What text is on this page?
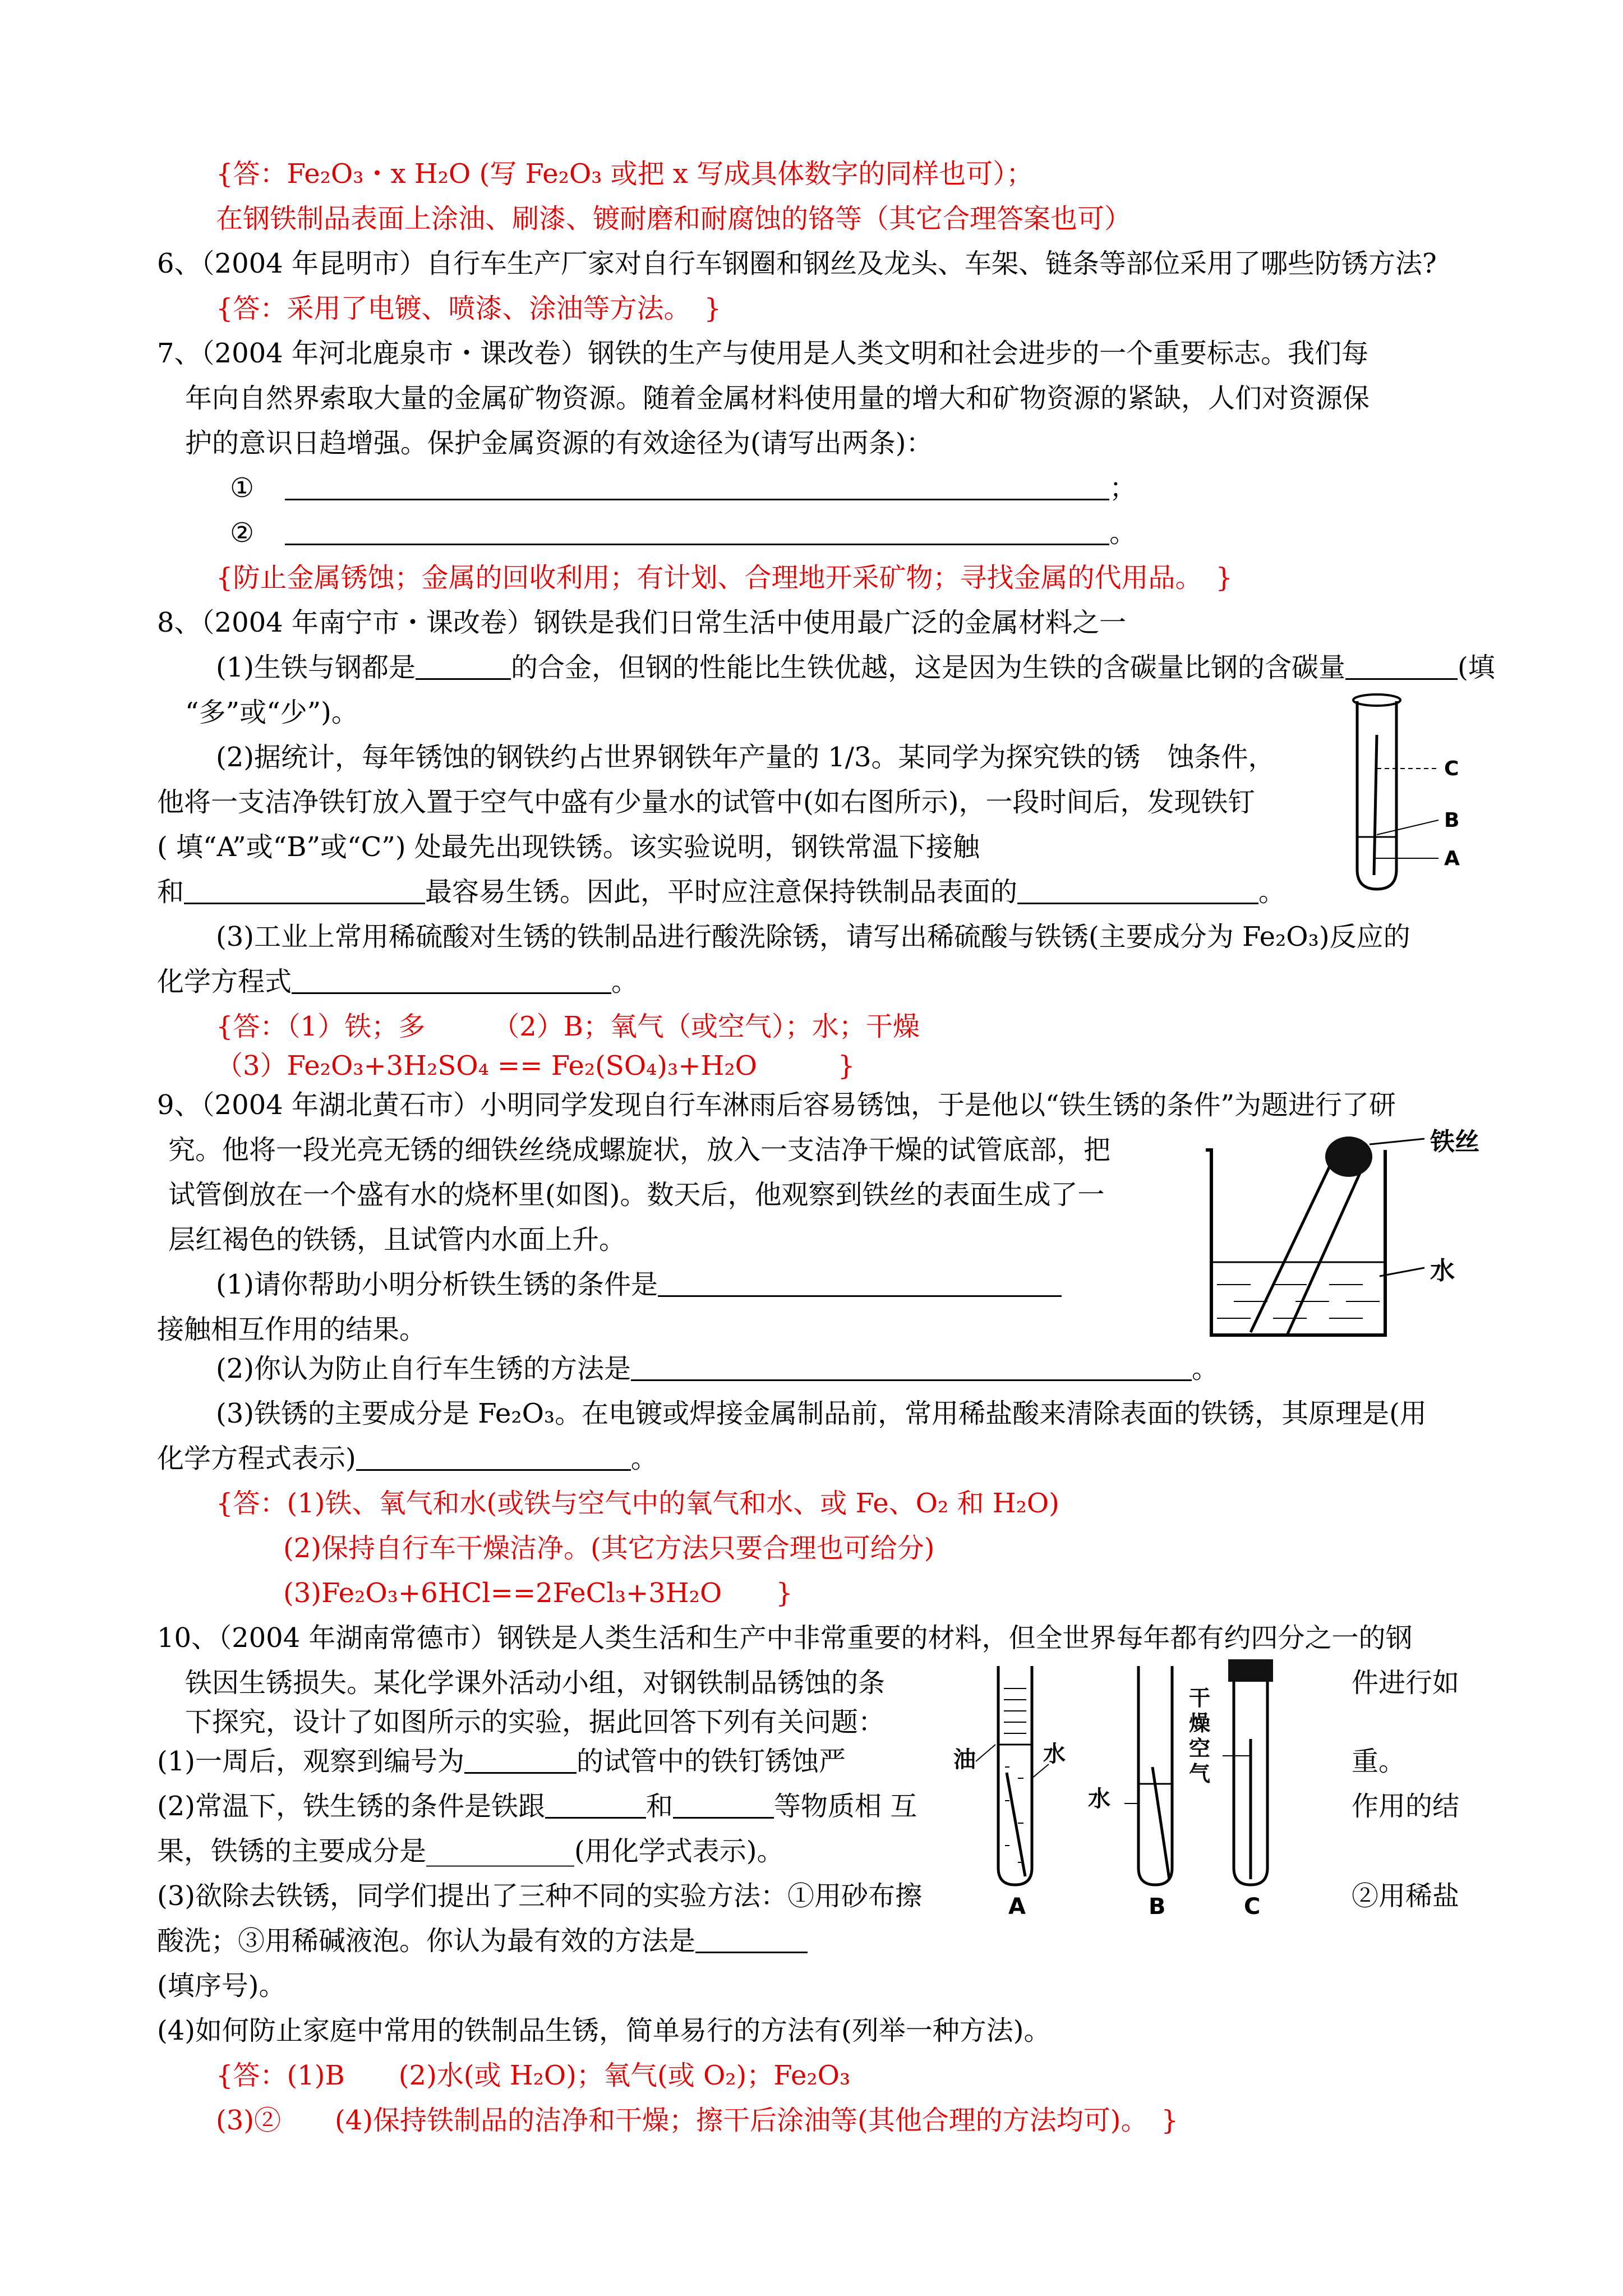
{答：Fe₂O₃・x H₂O (写 Fe₂O₃ 或把 x 写成具体数字的同样也可）；
在钢铁制品表面上涂油、刷漆、镀耐磨和耐腐蚀的铬等（其它合理答案也可）
6、（2004 年昆明市）自行车生产厂家对自行车钢圈和钢丝及龙头、车架、链条等部位采用了哪些防锈方法?
{答：采用了电镀、喷漆、涂油等方法。　}
7、（2004 年河北鹿泉市・课改卷）钢铁的生产与使用是人类文明和社会进步的一个重要标志。我们每
年向自然界索取大量的金属矿物资源。随着金属材料使用量的增大和矿物资源的紧缺，人们对资源保
护的意识日趋增强。保护金属资源的有效途径为(请写出两条)：
①	；
②	。
{防止金属锈蚀；金属的回收利用；有计划、合理地开采矿物；寻找金属的代用品。　}
8、（2004 年南宁市・课改卷）钢铁是我们日常生活中使用最广泛的金属材料之一
(1)生铁与钢都是	的合金，但钢的性能比生铁优越，这是因为生铁的含碳量比钢的含碳量	(填
“多”或“少”)。
(2)据统计，每年锈蚀的钢铁约占世界钢铁年产量的 1/3。某同学为探究铁的锈　蚀条件，
他将一支洁净铁钉放入置于空气中盛有少量水的试管中(如右图所示)，一段时间后，发现铁钉
( 填“A”或“B”或“C”) 处最先出现铁锈。该实验说明，钢铁常温下接触
和	最容易生锈。因此，平时应注意保持铁制品表面的	。
(3)工业上常用稀硫酸对生锈的铁制品进行酸洗除锈，请写出稀硫酸与铁锈(主要成分为 Fe₂O₃)反应的
化学方程式	。
{答：（1）铁；多　　　（2）B；氧气（或空气）；水；干燥
（3）Fe₂O₃+3H₂SO₄ == Fe₂(SO₄)₃+H₂O　　　}
9、（2004 年湖北黄石市）小明同学发现自行车淋雨后容易锈蚀，于是他以“铁生锈的条件”为题进行了研
究。他将一段光亮无锈的细铁丝绕成螺旋状，放入一支洁净干燥的试管底部，把
试管倒放在一个盛有水的烧杯里(如图)。数天后，他观察到铁丝的表面生成了一
层红褐色的铁锈，且试管内水面上升。
(1)请你帮助小明分析铁生锈的条件是
接触相互作用的结果。
(2)你认为防止自行车生锈的方法是	。
(3)铁锈的主要成分是 Fe₂O₃。在电镀或焊接金属制品前，常用稀盐酸来清除表面的铁锈，其原理是(用
化学方程式表示)	。
{答：(1)铁、氧气和水(或铁与空气中的氧气和水、或 Fe、O₂ 和 H₂O)
(2)保持自行车干燥洁净。(其它方法只要合理也可给分)
(3)Fe₂O₃+6HCl==2FeCl₃+3H₂O　　}
10、（2004 年湖南常德市）钢铁是人类生活和生产中非常重要的材料，但全世界每年都有约四分之一的钢
铁因生锈损失。某化学课外活动小组，对钢铁制品锈蚀的条	件进行如
下探究，设计了如图所示的实验，据此回答下列有关问题：
(1)一周后，观察到编号为	的试管中的铁钉锈蚀严	重。
(2)常温下，铁生锈的条件是铁跟	和	等物质相 互	作用的结
果，铁锈的主要成分是___________(用化学式表示)。
(3)欲除去铁锈，同学们提出了三种不同的实验方法：①用砂布擦	②用稀盐
酸洗；③用稀碱液泡。你认为最有效的方法是
(填序号)。
(4)如何防止家庭中常用的铁制品生锈，简单易行的方法有(列举一种方法)。
{答：(1)B　　(2)水(或 H₂O)；氧气(或 O₂)；Fe₂O₃
(3)②　　(4)保持铁制品的洁净和干燥；擦干后涂油等(其他合理的方法均可)。　}
C
B
A
铁丝
水
油	水
水
干燥空气
A	B	C
